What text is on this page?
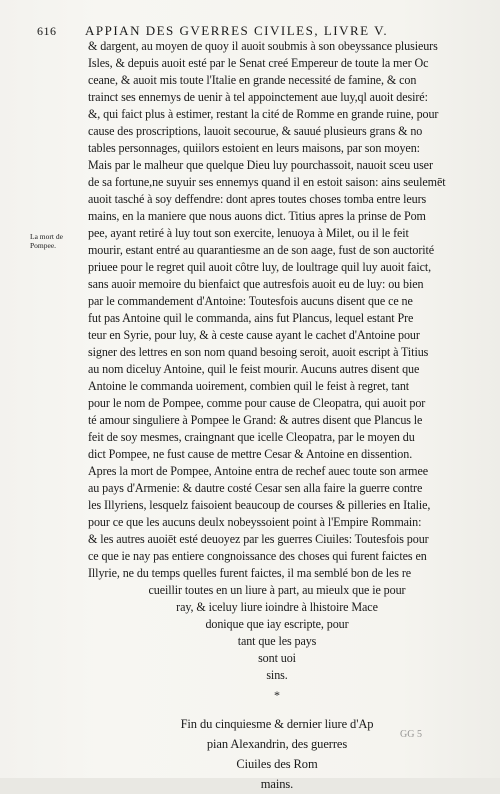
616 APPIAN DES GVERRES CIVILES, LIVRE V.
La mort de Pompee.
& dargent, au moyen de quoy il auoit soubmis à son obeyssance plusieurs
Isles, & depuis auoit esté par le Senat creé Empereur de toute la mer Oc
ceane, & auoit mis toute l'Italie en grande necessité de famine, & con
trainct ses ennemys de uenir à tel appoinctement aue luy,ql auoit desiré:
&, qui faict plus à estimer, restant la cité de Romme en grande ruine, pour
cause des proscriptions, lauoit secourue, & sauué plusieurs grans & no
tables personnages, quiilors estoient en leurs maisons, par son moyen:
Mais par le malheur que quelque Dieu luy pourchassoit, nauoit sceu user
de sa fortune,ne suyuir ses ennemys quand il en estoit saison: ains seulemēt
auoit tasché à soy deffendre: dont apres toutes choses tomba entre leurs
mains, en la maniere que nous auons dict. Titius apres la prinse de Pom
pee, ayant retiré à luy tout son exercite, lenuoya à Milet, ou il le feit
mourir, estant entré au quarantiesme an de son aage, fust de son auctorité
priuee pour le regret quil auoit côtre luy, de loultrage quil luy auoit faict,
sans auoir memoire du bienfaict que autresfois auoit eu de luy: ou bien
par le commandement d'Antoine: Toutesfois aucuns disent que ce ne
fut pas Antoine quil le commanda, ains fut Plancus, lequel estant Pre
teur en Syrie, pour luy, & à ceste cause ayant le cachet d'Antoine pour
signer des lettres en son nom quand besoing seroit, auoit escript à Titius
au nom diceluy Antoine, quil le feist mourir. Aucuns autres disent que
Antoine le commanda uoirement, combien quil le feist à regret, tant
pour le nom de Pompee, comme pour cause de Cleopatra, qui auoit por
té amour singuliere à Pompee le Grand: & autres disent que Plancus le
feit de soy mesmes, craingnant que icelle Cleopatra, par le moyen du
dict Pompee, ne fust cause de mettre Cesar & Antoine en dissention.
Apres la mort de Pompee, Antoine entra de rechef auec toute son armee
au pays d'Armenie: & dautre costé Cesar sen alla faire la guerre contre
les Illyriens, lesquelz faisoient beaucoup de courses & pilleries en Italie,
pour ce que les aucuns deulx nobeyssoient point à l'Empire Rommain:
& les autres auoiēt esté deuoyez par les guerres Ciuiles: Toutesfois pour
ce que ie nay pas entiere congnoissance des choses qui furent faictes en
Illyrie, ne du temps quelles furent faictes, il ma semblé bon de les re
cueillir toutes en un liure à part, au mieulx que ie pour
ray, & iceluy liure ioindre à lhistoire Mace
donique que iay escripte, pour
tant que les pays
sont uoi
sins.
*
Fin du cinquiesme & dernier liure d'Ap
pian Alexandrin, des guerres
Ciuiles des Rom
mains.
GG 5
